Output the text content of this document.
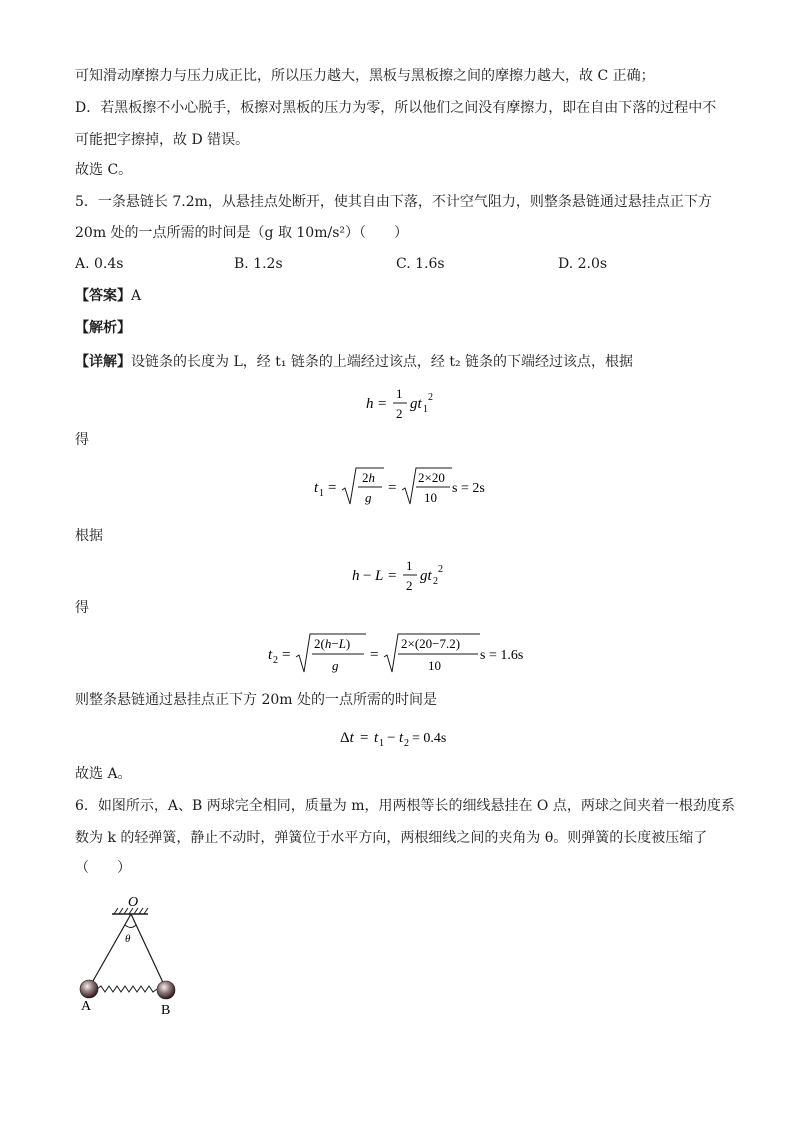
可知滑动摩擦力与压力成正比，所以压力越大，黑板与黑板擦之间的摩擦力越大，故 C 正确；
D．若黑板擦不小心脱手，板擦对黑板的压力为零，所以他们之间没有摩擦力，即在自由下落的过程中不
可能把字擦掉，故 D 错误。
故选 C。
5．一条悬链长 7.2m，从悬挂点处断开，使其自由下落，不计空气阻力，则整条悬链通过悬挂点正下方
20m 处的一点所需的时间是（g 取 10m/s²）（　　）
A. 0.4s	B. 1.2s	C. 1.6s	D. 2.0s
【答案】A
【解析】
【详解】设链条的长度为 L，经 t₁ 链条的上端经过该点，经 t₂ 链条的下端经过该点，根据
h =
1
2
gt 1
2
得
t 1 =
2h
g
=
2×20
10
s = 2s
根据
h − L =
1
2
gt 2
2
得
t 2 =
2(h−L)
g
=
2×(20−7.2)
10
s = 1.6s
则整条悬链通过悬挂点正下方 20m 处的一点所需的时间是
Δt = t 1 − t 2 = 0.4s
故选 A。
6．如图所示，A、B 两球完全相同，质量为 m，用两根等长的细线悬挂在 O 点，两球之间夹着一根劲度系
数为 k 的轻弹簧，静止不动时，弹簧位于水平方向，两根细线之间的夹角为 θ。则弹簧的长度被压缩了
（　　）
O
θ
A	B
